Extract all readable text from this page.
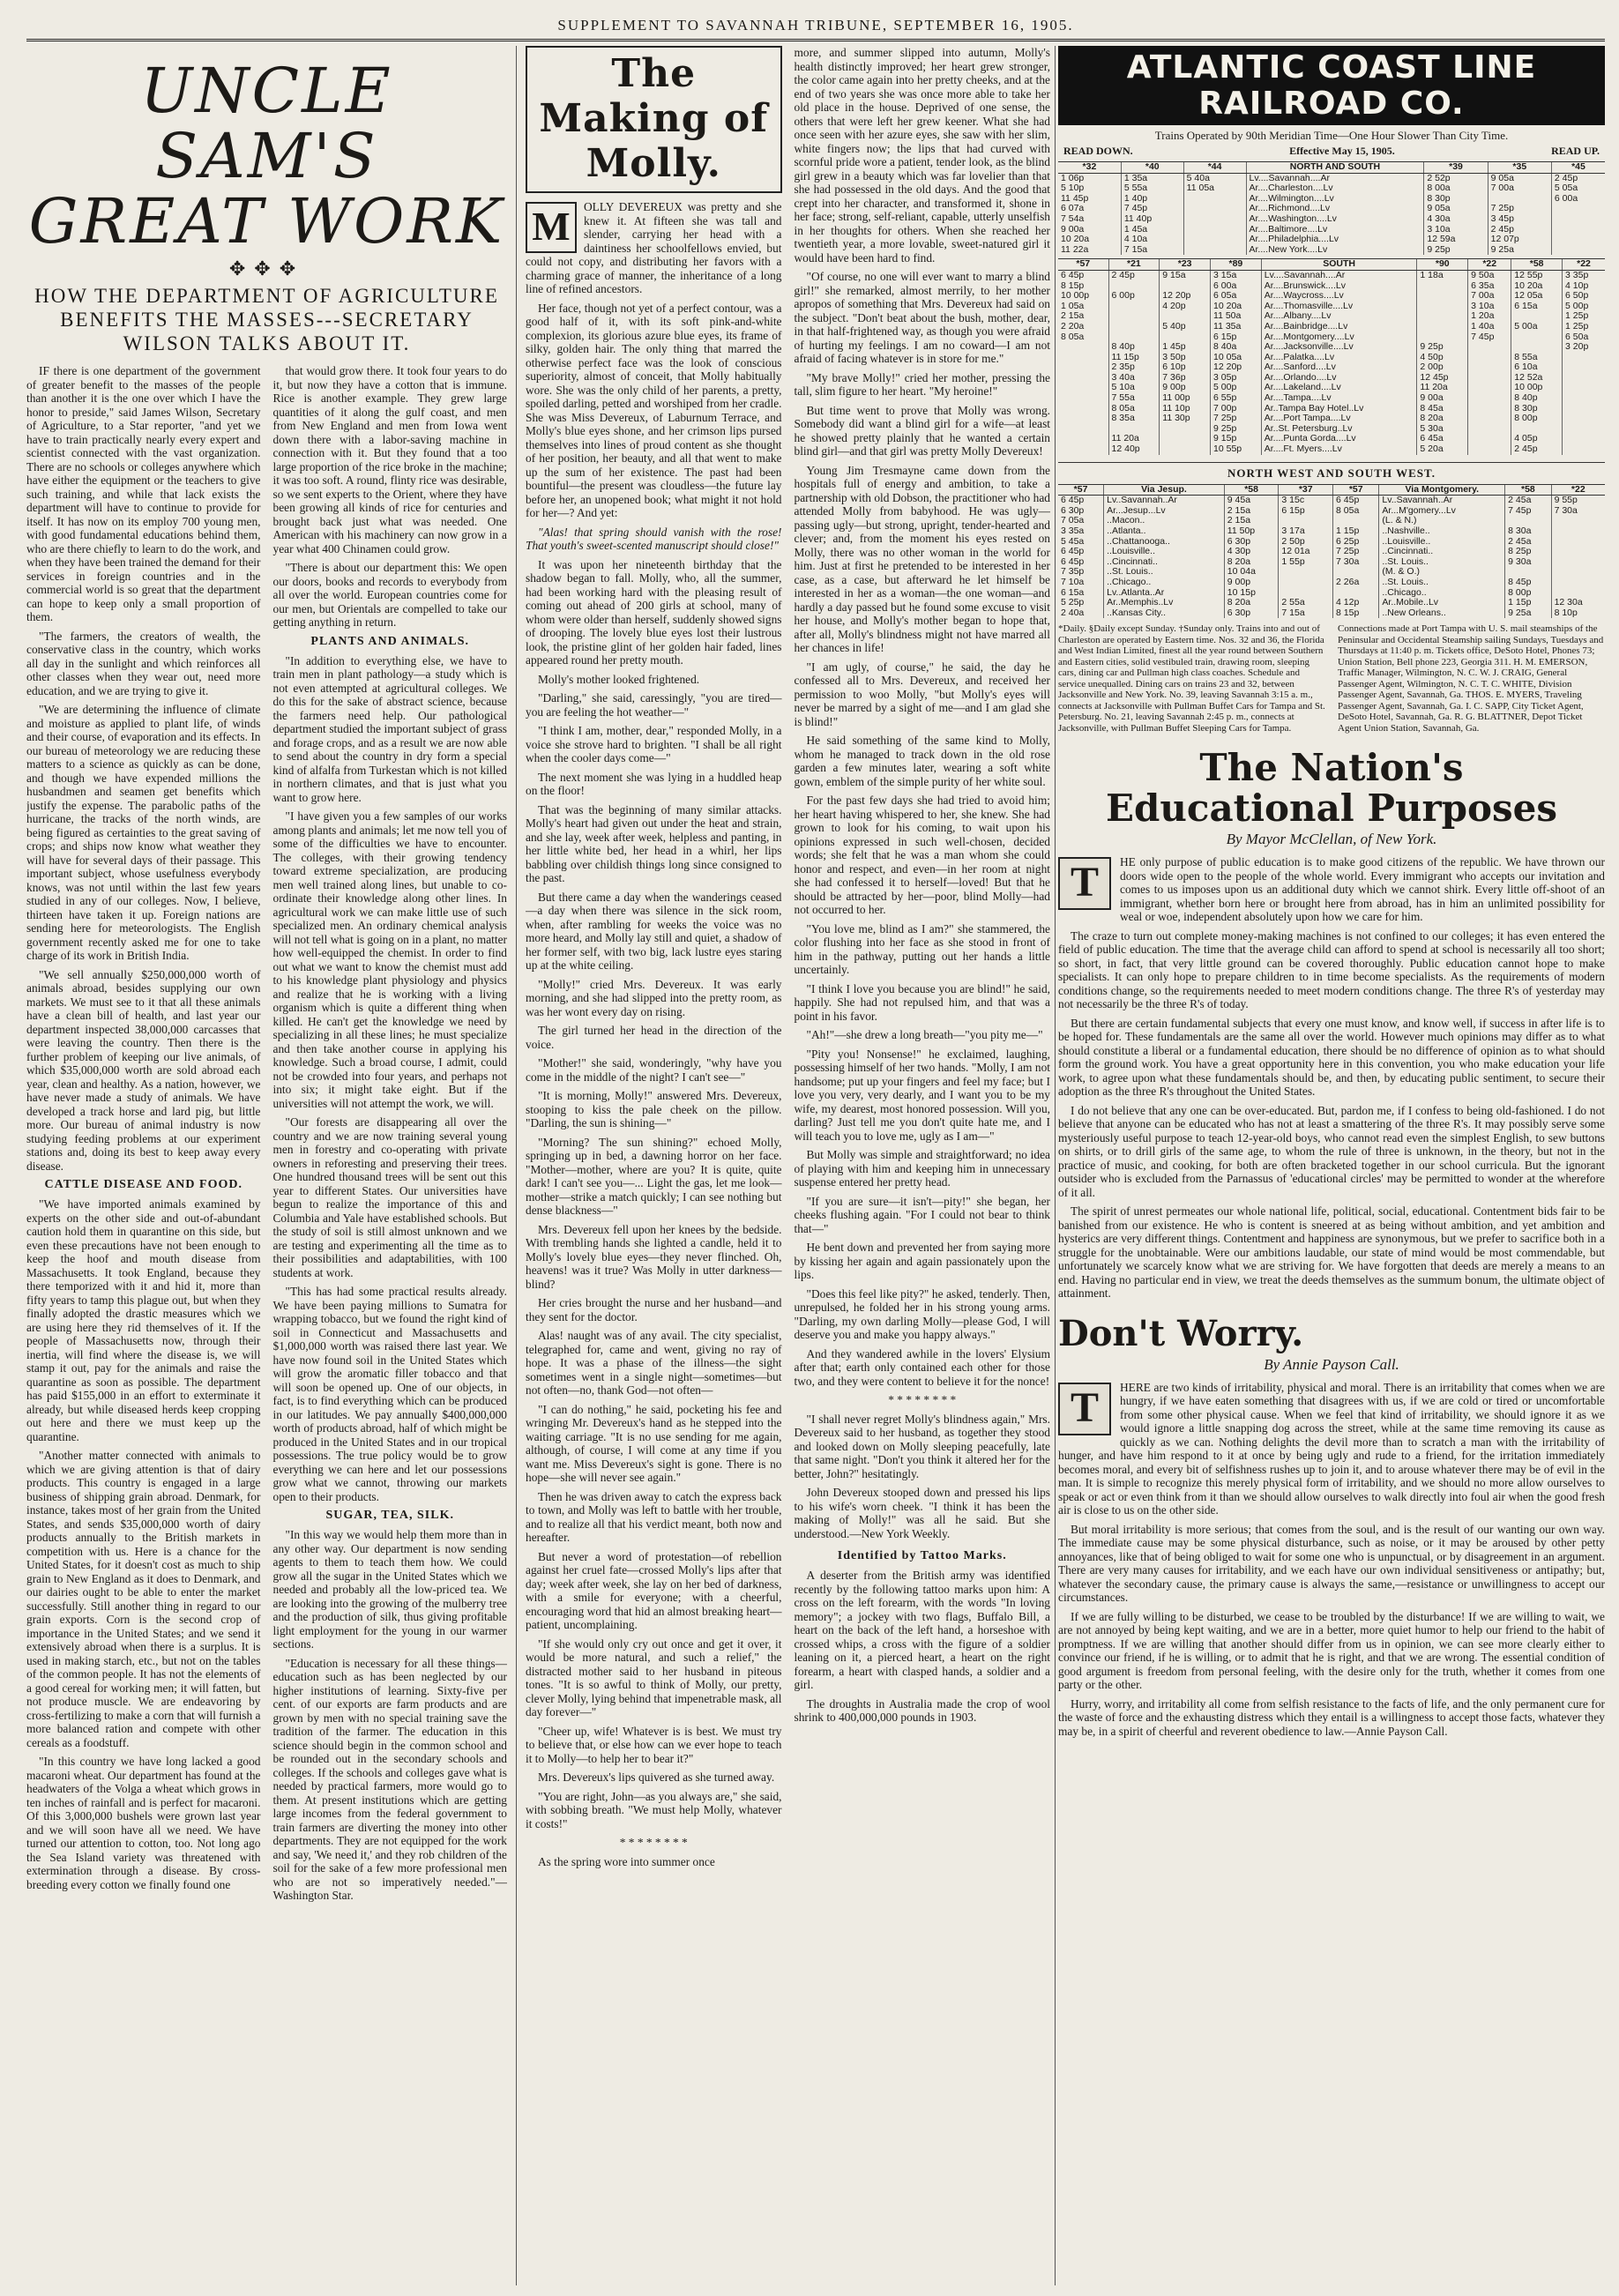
SUPPLEMENT TO SAVANNAH TRIBUNE, SEPTEMBER 16, 1905.
UNCLE SAM'S
GREAT WORK
✥✥✥
HOW THE DEPARTMENT OF AGRICULTURE BENEFITS THE MASSES---SECRETARY WILSON TALKS ABOUT IT.

IF there is one department of the government of greater benefit to the masses of the people than another it is the one over which I have the honor to preside," said James Wilson, Secretary of Agriculture, to a Star reporter, "and yet we have to train practically nearly every expert and scientist connected with the vast organization. There are no schools or colleges anywhere which have either the equipment or the teachers to give such training, and while that lack exists the department will have to continue to provide for itself. It has now on its employ 700 young men, with good fundamental educations behind them, who are there chiefly to learn to do the work, and when they have been trained the demand for their services in foreign countries and in the commercial world is so great that the department can hope to keep only a small proportion of them.

"The farmers, the creators of wealth, the conservative class in the country, which works all day in the sunlight and which reinforces all other classes when they wear out, need more education, and we are trying to give it.

"We are determining the influence of climate and moisture as applied to plant life, of winds and their course, of evaporation and its effects. In our bureau of meteorology we are reducing these matters to a science as quickly as can be done, and though we have expended millions the husbandmen and seamen get benefits which justify the expense. The parabolic paths of the hurricane, the tracks of the north winds, are being figured as certainties to the great saving of crops; and ships now know what weather they will have for several days of their passage. This important subject, whose usefulness everybody knows, was not until within the last few years studied in any of our colleges. Now, I believe, thirteen have taken it up. Foreign nations are sending here for meteorologists. The English government recently asked me for one to take charge of its work in British India.

"We sell annually $250,000,000 worth of animals abroad, besides supplying our own markets. We must see to it that all these animals have a clean bill of health, and last year our department inspected 38,000,000 carcasses that were leaving the country. Then there is the further problem of keeping our live animals, of which $35,000,000 worth are sold abroad each year, clean and healthy. As a nation, however, we have never made a study of animals. We have developed a track horse and lard pig, but little more. Our bureau of animal industry is now studying feeding problems at our experiment stations and, doing its best to keep away every disease.

CATTLE DISEASE AND FOOD.

"We have imported animals examined by experts on the other side and out-of-abundant caution hold them in quarantine on this side, but even these precautions have not been enough to keep the hoof and mouth disease from Massachusetts. It took England, because they there temporized with it and hid it, more than fifty years to tamp this plague out, but when they finally adopted the drastic measures which we are using here they rid themselves of it. If the people of Massachusetts now, through their inertia, will find where the disease is, we will stamp it out, pay for the animals and raise the quarantine as soon as possible. The department has paid $155,000 in an effort to exterminate it already, but while diseased herds keep cropping out here and there we must keep up the quarantine.

"Another matter connected with animals to which we are giving attention is that of dairy products. This country is engaged in a large business of shipping grain abroad. Denmark, for instance, takes most of her grain from the United States, and sends $35,000,000 worth of dairy products annually to the British markets in competition with us. Here is a chance for the United States, for it doesn't cost as much to ship grain to New England as it does to Denmark, and our dairies ought to be able to enter the market successfully. Still another thing in regard to our grain exports. Corn is the second crop of importance in the United States; and we send it extensively abroad when there is a surplus. It is used in making starch, etc., but not on the tables of the common people. It has not the elements of a good cereal for working men; it will fatten, but not produce muscle. We are endeavoring by cross-fertilizing to make a corn that will furnish a more balanced ration and compete with other cereals as a foodstuff.

"In this country we have long lacked a good macaroni wheat. Our department has found at the headwaters of the Volga a wheat which grows in ten inches of rainfall and is perfect for macaroni. Of this 3,000,000 bushels were grown last year and we will soon have all we need. We have turned our attention to cotton, too. Not long ago the Sea Island variety was threatened with extermination through a disease. By cross-breeding every cotton we finally found one

that would grow there. It took four years to do it, but now they have a cotton that is immune. Rice is another example. They grew large quantities of it along the gulf coast, and men from New England and men from Iowa went down there with a labor-saving machine in connection with it. But they found that a too large proportion of the rice broke in the machine; it was too soft. A round, flinty rice was desirable, so we sent experts to the Orient, where they have been growing all kinds of rice for centuries and brought back just what was needed. One American with his machinery can now grow in a year what 400 Chinamen could grow.

"There is about our department this: We open our doors, books and records to everybody from all over the world. European countries come for our men, but Orientals are compelled to take our getting anything in return.

PLANTS AND ANIMALS.

"In addition to everything else, we have to train men in plant pathology—a study which is not even attempted at agricultural colleges. We do this for the sake of abstract science, because the farmers need help. Our pathological department studied the important subject of grass and forage crops, and as a result we are now able to send about the country in dry form a special kind of alfalfa from Turkestan which is not killed in northern climates, and that is just what you want to grow here.

"I have given you a few samples of our works among plants and animals; let me now tell you of some of the difficulties we have to encounter. The colleges, with their growing tendency toward extreme specialization, are producing men well trained along lines, but unable to co-ordinate their knowledge along other lines. In agricultural work we can make little use of such specialized men. An ordinary chemical analysis will not tell what is going on in a plant, no matter how well-equipped the chemist. In order to find out what we want to know the chemist must add to his knowledge plant physiology and physics and realize that he is working with a living organism which is quite a different thing when killed. He can't get the knowledge we need by specializing in all these lines; he must specialize and then take another course in applying his knowledge. Such a broad course, I admit, could not be crowded into four years, and perhaps not into six; it might take eight. But if the universities will not attempt the work, we will.

"Our forests are disappearing all over the country and we are now training several young men in forestry and co-operating with private owners in reforesting and preserving their trees. One hundred thousand trees will be sent out this year to different States. Our universities have begun to realize the importance of this and Columbia and Yale have established schools. But the study of soil is still almost unknown and we are testing and experimenting all the time as to their possibilities and adaptabilities, with 100 students at work.

"This has had some practical results already. We have been paying millions to Sumatra for wrapping tobacco, but we found the right kind of soil in Connecticut and Massachusetts and $1,000,000 worth was raised there last year. We have now found soil in the United States which will grow the aromatic filler tobacco and that will soon be opened up. One of our objects, in fact, is to find everything which can be produced in our latitudes. We pay annually $400,000,000 worth of products abroad, half of which might be produced in the United States and in our tropical possessions. The true policy would be to grow everything we can here and let our possessions grow what we cannot, throwing our markets open to their products.

SUGAR, TEA, SILK.

"In this way we would help them more than in any other way. Our department is now sending agents to them to teach them how. We could grow all the sugar in the United States which we needed and probably all the low-priced tea. We are looking into the growing of the mulberry tree and the production of silk, thus giving profitable light employment for the young in our warmer sections.

"Education is necessary for all these things—education such as has been neglected by our higher institutions of learning. Sixty-five per cent. of our exports are farm products and are grown by men with no special training save the tradition of the farmer. The education in this science should begin in the common school and be rounded out in the secondary schools and colleges. If the schools and colleges gave what is needed by practical farmers, more would go to them. At present institutions which are getting large incomes from the federal government to train farmers are diverting the money into other departments. They are not equipped for the work and say, 'We need it,' and they rob children of the soil for the sake of a few more professional men who are not so imperatively needed."—Washington Star.

The Making of Molly.
M	OLLY DEVEREUX was pretty and she knew it. At fifteen she was tall and slender, carrying her head with a daintiness her schoolfellows envied, but could not copy, and distributing her favors with a charming grace of manner, the inheritance of a long line of refined ancestors.

Her face, though not yet of a perfect contour, was a good half of it, with its soft pink-and-white complexion, its glorious azure blue eyes, its frame of silky, golden hair. The only thing that marred the otherwise perfect face was the look of conscious superiority, almost of conceit, that Molly habitually wore. She was the only child of her parents, a pretty, spoiled darling, petted and worshiped from her cradle. She was Miss Devereux, of Laburnum Terrace, and Molly's blue eyes shone, and her crimson lips pursed themselves into lines of proud content as she thought of her position, her beauty, and all that went to make up the sum of her existence. The past had been bountiful—the present was cloudless—the future lay before her, an unopened book; what might it not hold for her—? And yet:

"Alas! that spring should vanish with the rose! That youth's sweet-scented manuscript should close!"

It was upon her nineteenth birthday that the shadow began to fall. Molly, who, all the summer, had been working hard with the pleasing result of coming out ahead of 200 girls at school, many of whom were older than herself, suddenly showed signs of drooping. The lovely blue eyes lost their lustrous look, the pristine glint of her golden hair faded, lines appeared round her pretty mouth.

Molly's mother looked frightened.

"Darling," she said, caressingly, "you are tired—you are feeling the hot weather—"

"I think I am, mother, dear," responded Molly, in a voice she strove hard to brighten. "I shall be all right when the cooler days come—"

The next moment she was lying in a huddled heap on the floor!

That was the beginning of many similar attacks. Molly's heart had given out under the heat and strain, and she lay, week after week, helpless and panting, in her little white bed, her head in a whirl, her lips babbling over childish things long since consigned to the past.

But there came a day when the wanderings ceased—a day when there was silence in the sick room, when, after rambling for weeks the voice was no more heard, and Molly lay still and quiet, a shadow of her former self, with two big, lack lustre eyes staring up at the white ceiling.

"Molly!" cried Mrs. Devereux. It was early morning, and she had slipped into the pretty room, as was her wont every day on rising.

The girl turned her head in the direction of the voice.

"Mother!" she said, wonderingly, "why have you come in the middle of the night? I can't see—"

"It is morning, Molly!" answered Mrs. Devereux, stooping to kiss the pale cheek on the pillow. "Darling, the sun is shining—"

"Morning? The sun shining?" echoed Molly, springing up in bed, a dawning horror on her face. "Mother—mother, where are you? It is quite, quite dark! I can't see you—... Light the gas, let me look—mother—strike a match quickly; I can see nothing but dense blackness—"

Mrs. Devereux fell upon her knees by the bedside. With trembling hands she lighted a candle, held it to Molly's lovely blue eyes—they never flinched. Oh, heavens! was it true? Was Molly in utter darkness—blind?

Her cries brought the nurse and her husband—and they sent for the doctor.

Alas! naught was of any avail. The city specialist, telegraphed for, came and went, giving no ray of hope. It was a phase of the illness—the sight sometimes went in a single night—sometimes—but not often—no, thank God—not often—

"I can do nothing," he said, pocketing his fee and wringing Mr. Devereux's hand as he stepped into the waiting carriage. "It is no use sending for me again, although, of course, I will come at any time if you want me. Miss Devereux's sight is gone. There is no hope—she will never see again."

Then he was driven away to catch the express back to town, and Molly was left to battle with her trouble, and to realize all that his verdict meant, both now and hereafter.

But never a word of protestation—of rebellion against her cruel fate—crossed Molly's lips after that day; week after week, she lay on her bed of darkness, with a smile for everyone; with a cheerful, encouraging word that hid an almost breaking heart—patient, uncomplaining.

"If she would only cry out once and get it over, it would be more natural, and such a relief," the distracted mother said to her husband in piteous tones. "It is so awful to think of Molly, our pretty, clever Molly, lying behind that impenetrable mask, all day forever—"

"Cheer up, wife! Whatever is is best. We must try to believe that, or else how can we ever hope to teach it to Molly—to help her to bear it?"

Mrs. Devereux's lips quivered as she turned away.

"You are right, John—as you always are," she said, with sobbing breath. "We must help Molly, whatever it costs!"

* * * * * * * *

As the spring wore into summer once

more, and summer slipped into autumn, Molly's health distinctly improved; her heart grew stronger, the color came again into her pretty cheeks, and at the end of two years she was once more able to take her old place in the house. Deprived of one sense, the others that were left her grew keener. What she had once seen with her azure eyes, she saw with her slim, white fingers now; the lips that had curved with scornful pride wore a patient, tender look, as the blind girl grew in a beauty which was far lovelier than that she had possessed in the old days. And the good that crept into her character, and transformed it, shone in her face; strong, self-reliant, capable, utterly unselfish in her thoughts for others. When she reached her twentieth year, a more lovable, sweet-natured girl it would have been hard to find.

"Of course, no one will ever want to marry a blind girl!" she remarked, almost merrily, to her mother apropos of something that Mrs. Devereux had said on the subject. "Don't beat about the bush, mother, dear, in that half-frightened way, as though you were afraid of hurting my feelings. I am no coward—I am not afraid of facing whatever is in store for me."

"My brave Molly!" cried her mother, pressing the tall, slim figure to her heart. "My heroine!"

But time went to prove that Molly was wrong. Somebody did want a blind girl for a wife—at least he showed pretty plainly that he wanted a certain blind girl—and that girl was pretty Molly Devereux!

Young Jim Tresmayne came down from the hospitals full of energy and ambition, to take a partnership with old Dobson, the practitioner who had attended Molly from babyhood. He was ugly—passing ugly—but strong, upright, tender-hearted and clever; and, from the moment his eyes rested on Molly, there was no other woman in the world for him. Just at first he pretended to be interested in her case, as a case, but afterward he let himself be interested in her as a woman—the one woman—and hardly a day passed but he found some excuse to visit her house, and Molly's mother began to hope that, after all, Molly's blindness might not have marred all her chances in life!

"I am ugly, of course," he said, the day he confessed all to Mrs. Devereux, and received her permission to woo Molly, "but Molly's eyes will never be marred by a sight of me—and I am glad she is blind!"

He said something of the same kind to Molly, whom he managed to track down in the old rose garden a few minutes later, wearing a soft white gown, emblem of the simple purity of her white soul.

For the past few days she had tried to avoid him; her heart having whispered to her, she knew. She had grown to look for his coming, to wait upon his opinions expressed in such well-chosen, decided words; she felt that he was a man whom she could honor and respect, and even—in her room at night she had confessed it to herself—loved! But that he should be attracted by her—poor, blind Molly—had not occurred to her.

"You love me, blind as I am?" she stammered, the color flushing into her face as she stood in front of him in the pathway, putting out her hands a little uncertainly.

"I think I love you because you are blind!" he said, happily. She had not repulsed him, and that was a point in his favor.

"Ah!"—she drew a long breath—"you pity me—"

"Pity you! Nonsense!" he exclaimed, laughing, possessing himself of her two hands. "Molly, I am not handsome; put up your fingers and feel my face; but I love you very, very dearly, and I want you to be my wife, my dearest, most honored possession. Will you, darling? Just tell me you don't quite hate me, and I will teach you to love me, ugly as I am—"

But Molly was simple and straightforward; no idea of playing with him and keeping him in unnecessary suspense entered her pretty head.

"If you are sure—it isn't—pity!" she began, her cheeks flushing again. "For I could not bear to think that—"

He bent down and prevented her from saying more by kissing her again and again passionately upon the lips.

"Does this feel like pity?" he asked, tenderly. Then, unrepulsed, he folded her in his strong young arms. "Darling, my own darling Molly—please God, I will deserve you and make you happy always."

And they wandered awhile in the lovers' Elysium after that; earth only contained each other for those two, and they were content to believe it for the nonce!

* * * * * * * *

"I shall never regret Molly's blindness again," Mrs. Devereux said to her husband, as together they stood and looked down on Molly sleeping peacefully, late that same night. "Don't you think it altered her for the better, John?" hesitatingly.

John Devereux stooped down and pressed his lips to his wife's worn cheek. "I think it has been the making of Molly!" was all he said. But she understood.—New York Weekly.

Identified by Tattoo Marks.

A deserter from the British army was identified recently by the following tattoo marks upon him: A cross on the left forearm, with the words "In loving memory"; a jockey with two flags, Buffalo Bill, a heart on the back of the left hand, a horseshoe with crossed whips, a cross with the figure of a soldier leaning on it, a pierced heart, a heart on the right forearm, a heart with clasped hands, a soldier and a girl.

The droughts in Australia made the crop of wool shrink to 400,000,000 pounds in 1903.

ATLANTIC COAST LINE RAILROAD CO.
Trains Operated by 90th Meridian Time—One Hour Slower Than City Time.
READ DOWN.	Effective May 15, 1905.	READ UP.
*32	*40	*44	NORTH AND SOUTH	*39	*35	*45
1 06p	1 35a	5 40a	Lv....Savannah....Ar	2 52p	9 05a	2 45p
5 10p	5 55a	11 05a	Ar....Charleston....Lv	8 00a	7 00a	5 05a
11 45p	1 40p		Ar....Wilmington....Lv	8 30p		6 00a
6 07a	7 45p		Ar....Richmond....Lv	9 05a	7 25p	
7 54a	11 40p		Ar....Washington....Lv	4 30a	3 45p	
9 00a	1 45a		Ar....Baltimore....Lv	3 10a	2 45p	
10 20a	4 10a		Ar....Philadelphia....Lv	12 59a	12 07p	
11 22a	7 15a		Ar....New York....Lv	9 25p	9 25a	
*57	*21	*23	*89	SOUTH	*90	*22	*58	*22
6 45p	2 45p	9 15a	3 15a	Lv....Savannah....Ar	1 18a	9 50a	12 55p	3 35p
8 15p			6 00a	Ar....Brunswick....Lv		6 35a	10 20a	4 10p
10 00p	6 00p	12 20p	6 05a	Ar....Waycross....Lv		7 00a	12 05a	6 50p
1 05a		4 20p	10 20a	Ar....Thomasville....Lv		3 10a	6 15a	5 00p
2 15a			11 50a	Ar....Albany....Lv		1 20a		1 25p
2 20a		5 40p	11 35a	Ar....Bainbridge....Lv		1 40a	5 00a	1 25p
8 05a			6 15p	Ar....Montgomery....Lv		7 45p		6 50a
	8 40p	1 45p	8 40a	Ar....Jacksonville....Lv	9 25p			3 20p
	11 15p	3 50p	10 05a	Ar....Palatka....Lv	4 50p		8 55a	
	2 35p	6 10p	12 20p	Ar....Sanford....Lv	2 00p		6 10a	
	3 40a	7 36p	3 05p	Ar....Orlando....Lv	12 45p		12 52a	
	5 10a	9 00p	5 00p	Ar....Lakeland....Lv	11 20a		10 00p	
	7 55a	11 00p	6 55p	Ar....Tampa....Lv	9 00a		8 40p	
	8 05a	11 10p	7 00p	Ar..Tampa Bay Hotel..Lv	8 45a		8 30p	
	8 35a	11 30p	7 25p	Ar....Port Tampa....Lv	8 20a		8 00p	
			9 25p	Ar..St. Petersburg..Lv	5 30a			
	11 20a		9 15p	Ar....Punta Gorda....Lv	6 45a		4 05p	
	12 40p		10 55p	Ar....Ft. Myers....Lv	5 20a		2 45p	
NORTH WEST AND SOUTH WEST.
*57	Via Jesup.	*58	*37	*57	Via Montgomery.	*58	*22
6 45p	Lv..Savannah..Ar	9 45a	3 15c	6 45p	Lv..Savannah..Ar	2 45a	9 55p
6 30p	Ar...Jesup...Lv	2 15a	6 15p	8 05a	Ar...M'gomery...Lv	7 45p	7 30a
7 05a	..Macon..	2 15a			(L. & N.)		
3 35a	..Atlanta..	11 50p	3 17a	1 15p	..Nashville..	8 30a	
5 45a	..Chattanooga..	6 30p	2 50p	6 25p	..Louisville..	2 45a	
6 45p	..Louisville..	4 30p	12 01a	7 25p	..Cincinnati..	8 25p	
6 45p	..Cincinnati..	8 20a	1 55p	7 30a	..St. Louis..	9 30a	
7 35p	..St. Louis..	10 04a			(M. & O.)		
7 10a	..Chicago..	9 00p		2 26a	..St. Louis..	8 45p	
6 15a	Lv..Atlanta..Ar	10 15p			..Chicago..	8 00p	
5 25p	Ar..Memphis..Lv	8 20a	2 55a	4 12p	Ar..Mobile..Lv	1 15p	12 30a
2 40a	..Kansas City..	6 30p	7 15a	8 15p	..New Orleans..	9 25a	8 10p
*Daily. §Daily except Sunday. †Sunday only. Trains into and out of Charleston are operated by Eastern time. Nos. 32 and 36, the Florida and West Indian Limited, finest all the year round between Southern and Eastern cities, solid vestibuled train, drawing room, sleeping cars, dining car and Pullman high class coaches. Schedule and service unequalled. Dining cars on trains 23 and 32, between Jacksonville and New York. No. 39, leaving Savannah 3:15 a. m., connects at Jacksonville with Pullman Buffet Cars for Tampa and St. Petersburg. No. 21, leaving Savannah 2:45 p. m., connects at Jacksonville, with Pullman Buffet Sleeping Cars for Tampa.
Connections made at Port Tampa with U. S. mail steamships of the Peninsular and Occidental Steamship sailing Sundays, Tuesdays and Thursdays at 11:40 p. m. Tickets office, DeSoto Hotel, Phones 73; Union Station, Bell phone 223, Georgia 311. H. M. EMERSON, Traffic Manager, Wilmington, N. C. W. J. CRAIG, General Passenger Agent, Wilmington, N. C. T. C. WHITE, Division Passenger Agent, Savannah, Ga. THOS. E. MYERS, Traveling Passenger Agent, Savannah, Ga. I. C. SAPP, City Ticket Agent, DeSoto Hotel, Savannah, Ga. R. G. BLATTNER, Depot Ticket Agent Union Station, Savannah, Ga.
The Nation's
Educational Purposes
By Mayor McClellan, of New York.
T	HE only purpose of public education is to make good citizens of the republic. We have thrown our doors wide open to the people of the whole world. Every immigrant who accepts our invitation and comes to us imposes upon us an additional duty which we cannot shirk. Every little off-shoot of an immigrant, whether born here or brought here from abroad, has in him an unlimited possibility for weal or woe, independent absolutely upon how we care for him.

The craze to turn out complete money-making machines is not confined to our colleges; it has even entered the field of public education. The time that the average child can afford to spend at school is necessarily all too short; so short, in fact, that very little ground can be covered thoroughly. Public education cannot hope to make specialists. It can only hope to prepare children to in time become specialists. As the requirements of modern conditions change, so the requirements needed to meet modern conditions change. The three R's of yesterday may not necessarily be the three R's of today.

But there are certain fundamental subjects that every one must know, and know well, if success in after life is to be hoped for. These fundamentals are the same all over the world. However much opinions may differ as to what should constitute a liberal or a fundamental education, there should be no difference of opinion as to what should form the ground work. You have a great opportunity here in this convention, you who make education your life work, to agree upon what these fundamentals should be, and then, by educating public sentiment, to secure their adoption as the three R's throughout the United States.

I do not believe that any one can be over-educated. But, pardon me, if I confess to being old-fashioned. I do not believe that anyone can be educated who has not at least a smattering of the three R's. It may possibly serve some mysteriously useful purpose to teach 12-year-old boys, who cannot read even the simplest English, to sew buttons on shirts, or to drill girls of the same age, to whom the rule of three is unknown, in the theory, but not in the practice of music, and cooking, for both are often bracketed together in our school curricula. But the ignorant outsider who is excluded from the Parnassus of 'educational circles' may be permitted to wonder at the wherefore of it all.

The spirit of unrest permeates our whole national life, political, social, educational. Contentment bids fair to be banished from our existence. He who is content is sneered at as being without ambition, and yet ambition and hysterics are very different things. Contentment and happiness are synonymous, but we prefer to sacrifice both in a struggle for the unobtainable. Were our ambitions laudable, our state of mind would be most commendable, but unfortunately we scarcely know what we are striving for. We have forgotten that deeds are merely a means to an end. Having no particular end in view, we treat the deeds themselves as the summum bonum, the ultimate object of attainment.

Don't Worry.
By Annie Payson Call.
T	HERE are two kinds of irritability, physical and moral. There is an irritability that comes when we are hungry, if we have eaten something that disagrees with us, if we are cold or tired or uncomfortable from some other physical cause. When we feel that kind of irritability, we should ignore it as we would ignore a little snapping dog across the street, while at the same time removing its cause as quickly as we can. Nothing delights the devil more than to scratch a man with the irritability of hunger, and have him respond to it at once by being ugly and rude to a friend, for the irritation immediately becomes moral, and every bit of selfishness rushes up to join it, and to arouse whatever there may be of evil in the man. It is simple to recognize this merely physical form of irritability, and we should no more allow ourselves to speak or act or even think from it than we should allow ourselves to walk directly into foul air when the good fresh air is close to us on the other side.

But moral irritability is more serious; that comes from the soul, and is the result of our wanting our own way. The immediate cause may be some physical disturbance, such as noise, or it may be aroused by other petty annoyances, like that of being obliged to wait for some one who is unpunctual, or by disagreement in an argument. There are very many causes for irritability, and we each have our own individual sensitiveness or antipathy; but, whatever the secondary cause, the primary cause is always the same,—resistance or unwillingness to accept our circumstances.

If we are fully willing to be disturbed, we cease to be troubled by the disturbance! If we are willing to wait, we are not annoyed by being kept waiting, and we are in a better, more quiet humor to help our friend to the habit of promptness. If we are willing that another should differ from us in opinion, we can see more clearly either to convince our friend, if he is willing, or to admit that he is right, and that we are wrong. The essential condition of good argument is freedom from personal feeling, with the desire only for the truth, whether it comes from one party or the other.

Hurry, worry, and irritability all come from selfish resistance to the facts of life, and the only permanent cure for the waste of force and the exhausting distress which they entail is a willingness to accept those facts, whatever they may be, in a spirit of cheerful and reverent obedience to law.—Annie Payson Call.
